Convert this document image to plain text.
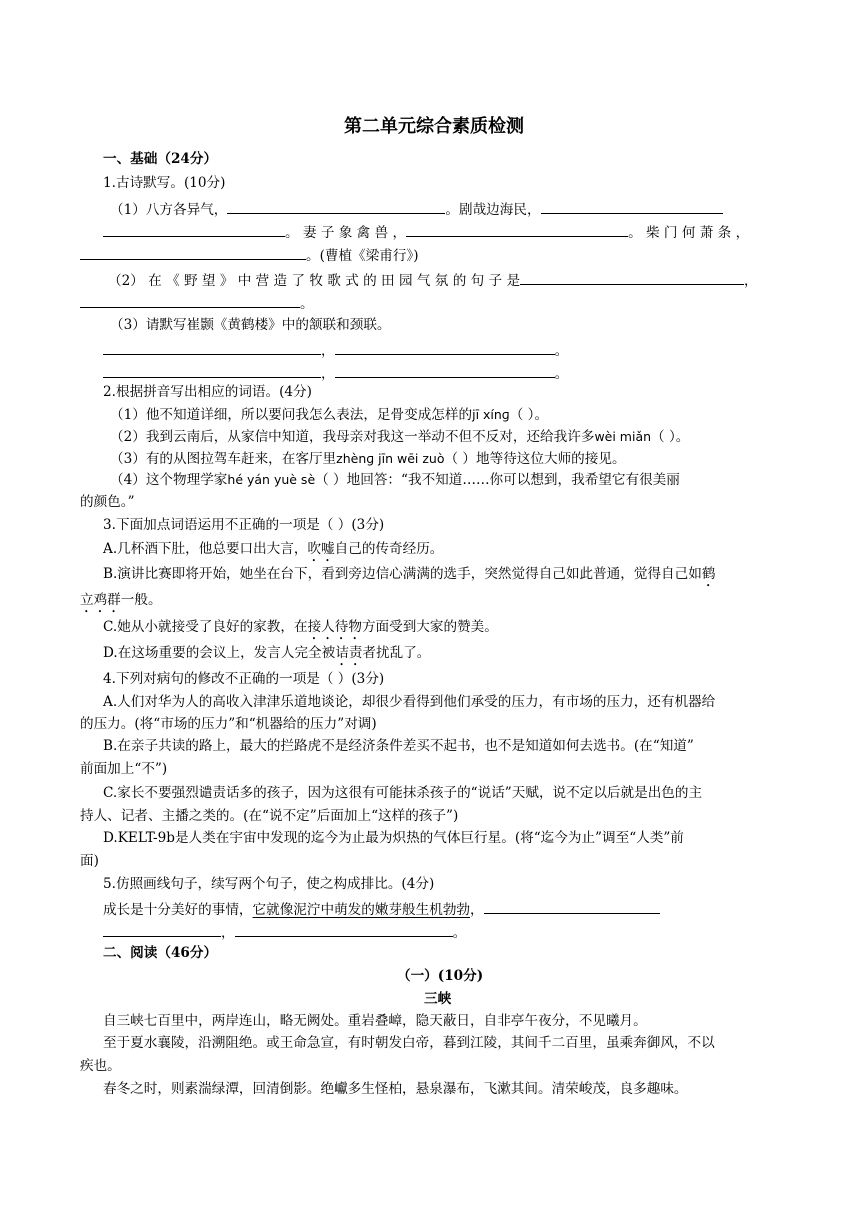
第二单元综合素质检测
一、基础（24分）
1.古诗默写。(10分)
（1）八方各异气，	。剧哉边海民，
。 妻 子 象 禽 兽 ，	。 柴 门 何 萧 条 ，
。(曹植《梁甫行》)
（2） 在 《 野 望 》 中 营 造 了 牧 歌 式 的 田 园 气 氛 的 句 子 是	，
。
（3）请默写崔颢《黄鹤楼》中的颔联和颈联。
，	。
，	。
2.根据拼音写出相应的词语。(4分)
（1）他不知道详细，所以要问我怎么表法，足骨变成怎样的jī xínɡ（ ）。
（2）我到云南后，从家信中知道，我母亲对我这一举动不但不反对，还给我许多wèi miǎn（ ）。
（3）有的从图拉驾车赶来，在客厅里zhènɡ jīn wēi zuò（ ）地等待这位大师的接见。
（4）这个物理学家hé yán yuè sè（ ）地回答：“我不知道……你可以想到，我希望它有很美丽
的颜色。”
3.下面加点词语运用不正确的一项是（ ）(3分)
A.几杯酒下肚，他总要口出大言，吹嘘自己的传奇经历。
B.演讲比赛即将开始，她坐在台下，看到旁边信心满满的选手，突然觉得自己如此普通，觉得自己如鹤
立鸡群一般。
C.她从小就接受了良好的家教，在接人待物方面受到大家的赞美。
D.在这场重要的会议上，发言人完全被诘责者扰乱了。
4.下列对病句的修改不正确的一项是（ ）(3分)
A.人们对华为人的高收入津津乐道地谈论，却很少看得到他们承受的压力，有市场的压力，还有机器给
的压力。(将“市场的压力”和“机器给的压力”对调)
B.在亲子共读的路上，最大的拦路虎不是经济条件差买不起书，也不是知道如何去选书。(在“知道”
前面加上“不”)
C.家长不要强烈谴责话多的孩子，因为这很有可能抹杀孩子的“说话”天赋，说不定以后就是出色的主
持人、记者、主播之类的。(在“说不定”后面加上“这样的孩子”)
D.KELT-9b是人类在宇宙中发现的迄今为止最为炽热的气体巨行星。(将“迄今为止”调至“人类”前
面)
5.仿照画线句子，续写两个句子，使之构成排比。(4分)
成长是十分美好的事情，它就像泥泞中萌发的嫩芽般生机勃勃，
，	。
二、阅读（46分）
（一）(10分)
三峡
自三峡七百里中，两岸连山，略无阙处。重岩叠嶂，隐天蔽日，自非亭午夜分，不见曦月。
至于夏水襄陵，沿溯阻绝。或王命急宣，有时朝发白帝，暮到江陵，其间千二百里，虽乘奔御风，不以
疾也。
春冬之时，则素湍绿潭，回清倒影。绝巘多生怪柏，悬泉瀑布，飞漱其间。清荣峻茂，良多趣味。
